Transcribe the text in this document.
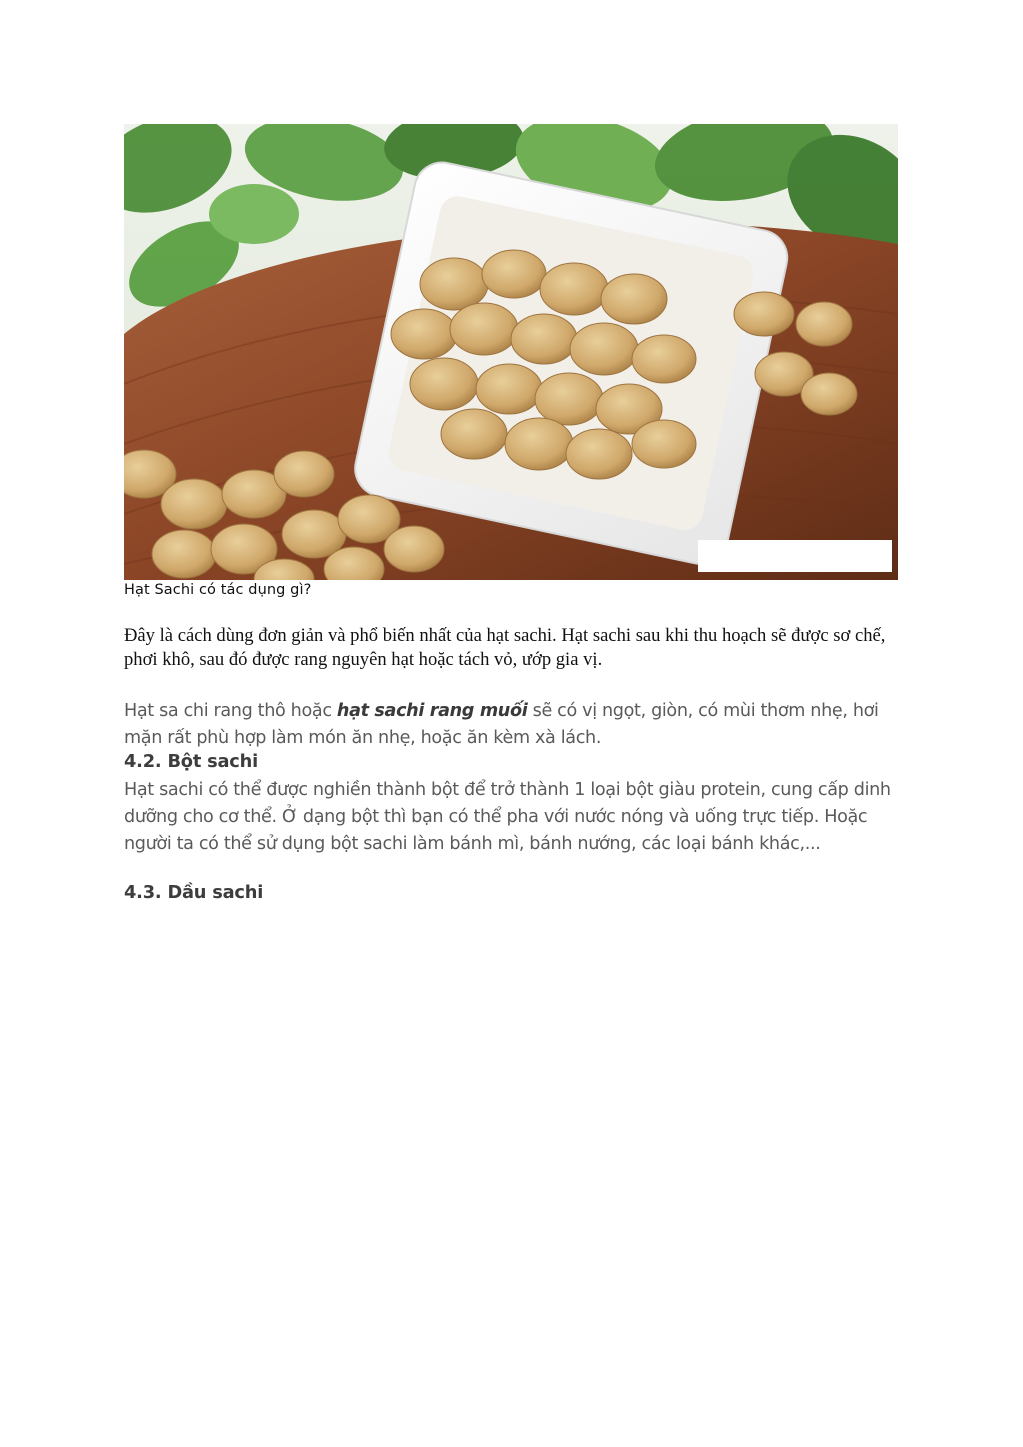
Hạt Sachi có tác dụng gì?
Đây là cách dùng đơn giản và phổ biến nhất của hạt sachi. Hạt sachi sau khi thu hoạch sẽ được sơ chế, phơi khô, sau đó được rang nguyên hạt hoặc tách vỏ, ướp gia vị.
Hạt sa chi rang thô hoặc hạt sachi rang muối sẽ có vị ngọt, giòn, có mùi thơm nhẹ, hơi mặn rất phù hợp làm món ăn nhẹ, hoặc ăn kèm xà lách.
4.2. Bột sachi
Hạt sachi có thể được nghiền thành bột để trở thành 1 loại bột giàu protein, cung cấp dinh dưỡng cho cơ thể. Ở dạng bột thì bạn có thể pha với nước nóng và uống trực tiếp. Hoặc người ta có thể sử dụng bột sachi làm bánh mì, bánh nướng, các loại bánh khác,...
4.3. Dầu sachi
